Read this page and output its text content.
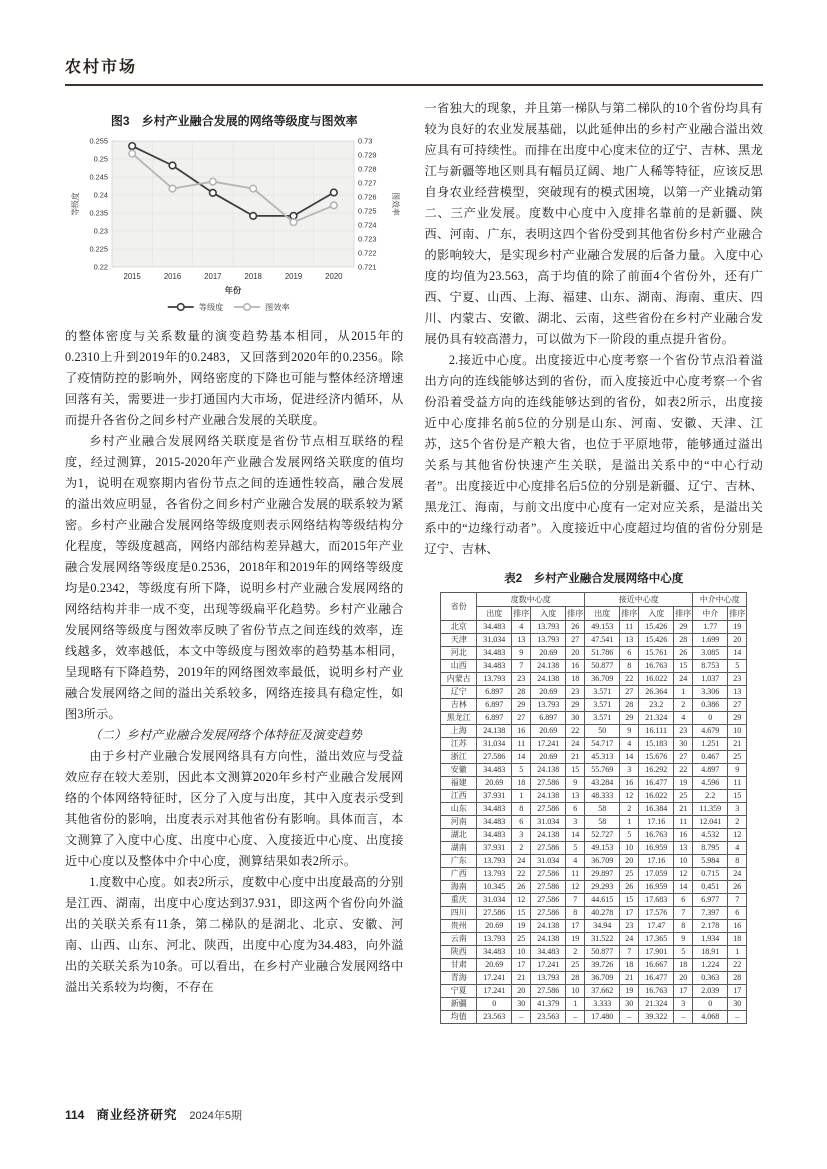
农村市场
图3　乡村产业融合发展的网络等级度与图效率
0.22
0.225
0.23
0.235
0.24
0.245
0.25
0.255
0.721
0.722
0.723
0.724
0.725
0.726
0.727
0.728
0.729
0.73
2015	2016	2017	2018	2019	2020
等级度	图效率
年份
等级度	图效率

的整体密度与关系数量的演变趋势基本相同，从2015年的0.2310上升到2019年的0.2483，又回落到2020年的0.2356。除了疫情防控的影响外，网络密度的下降也可能与整体经济增速回落有关，需要进一步打通国内大市场，促进经济内循环，从而提升各省份之间乡村产业融合发展的关联度。

乡村产业融合发展网络关联度是省份节点相互联络的程度，经过测算，2015-2020年产业融合发展网络关联度的值均为1，说明在观察期内省份节点之间的连通性较高，融合发展的溢出效应明显，各省份之间乡村产业融合发展的联系较为紧密。乡村产业融合发展网络等级度则表示网络结构等级结构分化程度，等级度越高，网络内部结构差异越大，而2015年产业融合发展网络等级度是0.2536，2018年和2019年的网络等级度均是0.2342，等级度有所下降，说明乡村产业融合发展网络的网络结构并非一成不变，出现等级扁平化趋势。乡村产业融合发展网络等级度与图效率反映了省份节点之间连线的效率，连线越多，效率越低，本文中等级度与图效率的趋势基本相同，呈现略有下降趋势，2019年的网络图效率最低，说明乡村产业融合发展网络之间的溢出关系较多，网络连接具有稳定性，如图3所示。

（二）乡村产业融合发展网络个体特征及演变趋势

由于乡村产业融合发展网络具有方向性，溢出效应与受益效应存在较大差别，因此本文测算2020年乡村产业融合发展网络的个体网络特征时，区分了入度与出度，其中入度表示受到其他省份的影响，出度表示对其他省份有影响。具体而言，本文测算了入度中心度、出度中心度、入度接近中心度、出度接近中心度以及整体中介中心度，测算结果如表2所示。

1.度数中心度。如表2所示，度数中心度中出度最高的分别是江西、湖南，出度中心度达到37.931，即这两个省份向外溢出的关联关系有11条，第二梯队的是湖北、北京、安徽、河南、山西、山东、河北、陕西，出度中心度为34.483，向外溢出的关联关系为10条。可以看出，在乡村产业融合发展网络中溢出关系较为均衡，不存在

一省独大的现象，并且第一梯队与第二梯队的10个省份均具有较为良好的农业发展基础，以此延伸出的乡村产业融合溢出效应具有可持续性。而排在出度中心度末位的辽宁、吉林、黑龙江与新疆等地区则具有幅员辽阔、地广人稀等特征，应该反思自身农业经营模型，突破现有的模式困境，以第一产业撬动第二、三产业发展。度数中心度中入度排名靠前的是新疆、陕西、河南、广东，表明这四个省份受到其他省份乡村产业融合的影响较大，是实现乡村产业融合发展的后备力量。入度中心度的均值为23.563，高于均值的除了前面4个省份外，还有广西、宁夏、山西、上海、福建、山东、湖南、海南、重庆、四川、内蒙古、安徽、湖北、云南，这些省份在乡村产业融合发展仍具有较高潜力，可以做为下一阶段的重点提升省份。

2.接近中心度。出度接近中心度考察一个省份节点沿着溢出方向的连线能够达到的省份，而入度接近中心度考察一个省份沿着受益方向的连线能够达到的省份，如表2所示，出度接近中心度排名前5位的分别是山东、河南、安徽、天津、江苏，这5个省份是产粮大省，也位于平原地带，能够通过溢出关系与其他省份快速产生关联，是溢出关系中的“中心行动者”。出度接近中心度排名后5位的分别是新疆、辽宁、吉林、黑龙江、海南，与前文出度中心度有一定对应关系，是溢出关系中的“边缘行动者”。入度接近中心度超过均值的省份分别是辽宁、吉林、

表2　乡村产业融合发展网络中心度
省份	度数中心度				接近中心度				中介中心度	
	出度	排序	入度	排序	出度	排序	入度	排序	中介	排序
北京	34.483	4	13.793	26	49.153	11	15.426	29	1.77	19
天津	31.034	13	13.793	27	47.541	13	15.426	28	1.699	20
河北	34.483	9	20.69	20	51.786	6	15.761	26	3.085	14
山西	34.483	7	24.138	16	50.877	8	16.763	15	8.753	5
内蒙古	13.793	23	24.138	18	36.709	22	16.022	24	1.037	23
辽宁	6.897	28	20.69	23	3.571	27	26.364	1	3.306	13
吉林	6.897	29	13.793	29	3.571	28	23.2	2	0.386	27
黑龙江	6.897	27	6.897	30	3.571	29	21.324	4	0	29
上海	24.138	16	20.69	22	50	9	16.111	23	4.679	10
江苏	31.034	11	17.241	24	54.717	4	15.183	30	1.251	21
浙江	27.586	14	20.69	21	45.313	14	15.676	27	0.467	25
安徽	34.483	5	24.138	15	55.769	3	16.292	22	4.897	9
福建	20.69	18	27.586	9	43.284	16	16.477	19	4.596	11
江西	37.931	1	24.138	13	48.333	12	16.022	25	2.2	15
山东	34.483	8	27.586	6	58	2	16.384	21	11.359	3
河南	34.483	6	31.034	3	58	1	17.16	11	12.041	2
湖北	34.483	3	24.138	14	52.727	5	16.763	16	4.532	12
湖南	37.931	2	27.586	5	49.153	10	16.959	13	8.795	4
广东	13.793	24	31.034	4	36.709	20	17.16	10	5.984	8
广西	13.793	22	27.586	11	29.897	25	17.059	12	0.715	24
海南	10.345	26	27.586	12	29.293	26	16.959	14	0.451	26
重庆	31.034	12	27.586	7	44.615	15	17.683	6	6.977	7
四川	27.586	15	27.586	8	40.278	17	17.576	7	7.397	6
贵州	20.69	19	24.138	17	34.94	23	17.47	8	2.178	16
云南	13.793	25	24.138	19	31.522	24	17.365	9	1.934	18
陕西	34.483	10	34.483	2	50.877	7	17.901	5	18.91	1
甘肃	20.69	17	17.241	25	39.726	18	16.667	18	1.224	22
青海	17.241	21	13.793	28	36.709	21	16.477	20	0.363	28
宁夏	17.241	20	27.586	10	37.662	19	16.763	17	2.039	17
新疆	0	30	41.379	1	3.333	30	21.324	3	0	30
均值	23.563	–	23.563	–	17.480	–	39.322	–	4.068	–
114 商业经济研究 2024年5期
